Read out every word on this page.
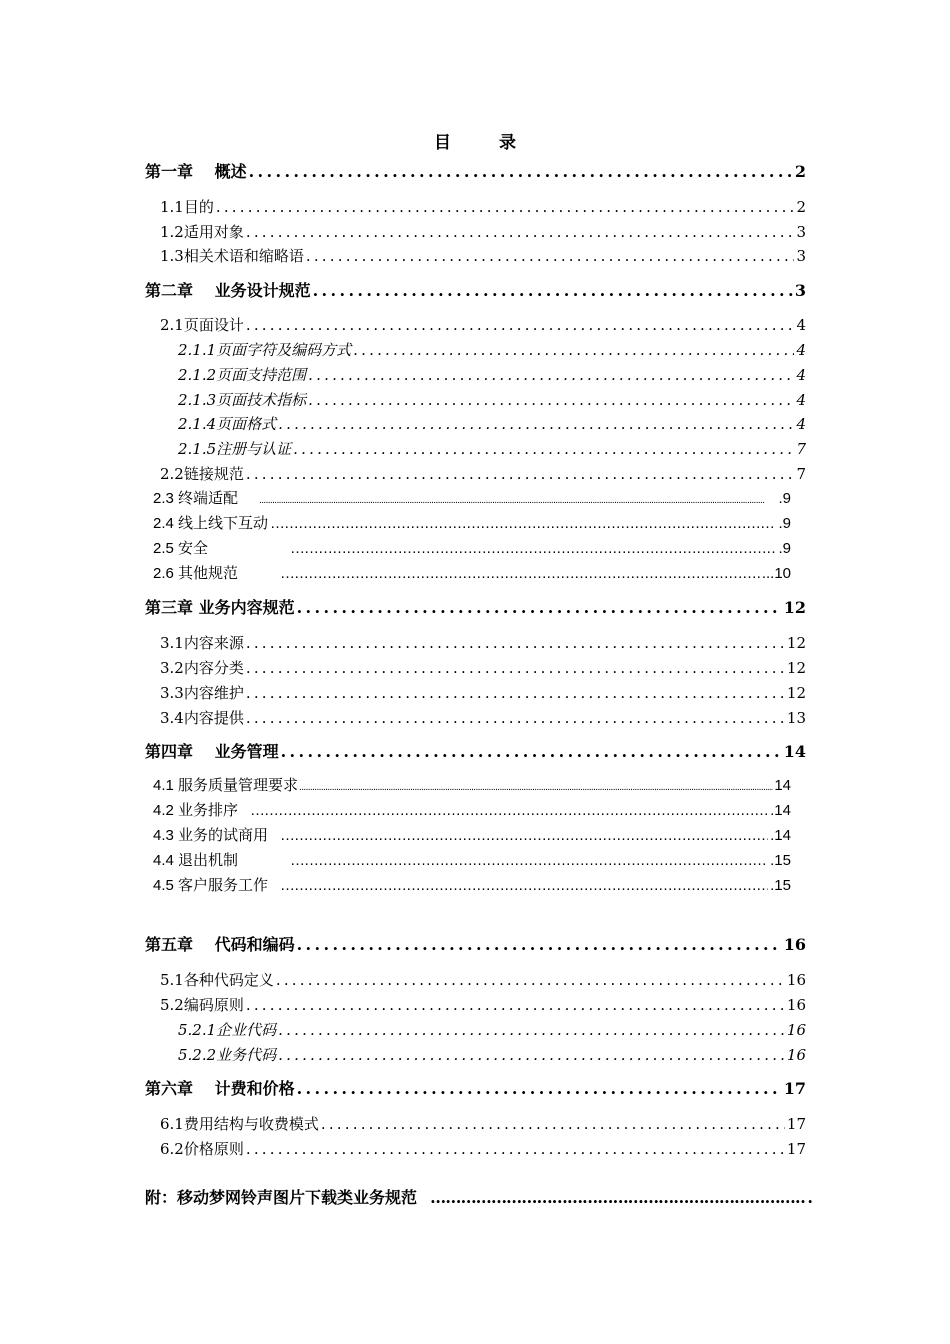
目	录
第一章　 概述 .....	2
1.1目的 .....	2
1.2适用对象 .....	3
1.3相关术语和缩略语 .....	3
第二章　 业务设计规范 .....	3
2.1页面设计 .....	4
2.1.1页面字符及编码方式 .....	4
2.1.2页面支持范围 .....	4
2.1.3页面技术指标 .....	4
2.1.4页面格式 .....	4
2.1.5注册与认证 .....	7
2.2链接规范 .....	7
2.3 终端适配 .....	.9
2.4 线上线下互动 …………………………………………………………………………………………………………………………………………………………………………………………………………	.9
2.5 安全 …………………………………………………………………………………………………………………………………………………………………………………………………………	.9
2.6 其他规范 …………………………………………………………………………………………………………………………………………………………………………………………………………	...10
第三章 业务内容规范 .....	12
3.1内容来源 .....	12
3.2内容分类 .....	12
3.3内容维护 .....	12
3.4内容提供 .....	13
第四章　 业务管理 .....	14
4.1 服务质量管理要求 .....	14
4.2 业务排序 …………………………………………………………………………………………………………………………………………………………………………………………………………	.14
4.3 业务的试商用 …………………………………………………………………………………………………………………………………………………………………………………………………………	.14
4.4 退出机制 …………………………………………………………………………………………………………………………………………………………………………………………………………	.15
4.5 客户服务工作 …………………………………………………………………………………………………………………………………………………………………………………………………………	.15
第五章　 代码和编码 .....	16
5.1各种代码定义 .....	16
5.2编码原则 .....	16
5.2.1企业代码 .....	16
5.2.2业务代码 .....	16
第六章　 计费和价格 .....	17
6.1费用结构与收费模式 .....	17
6.2价格原则 .....	17
附：移动梦网铃声图片下载类业务规范 …………………………………………………………………………………	.
